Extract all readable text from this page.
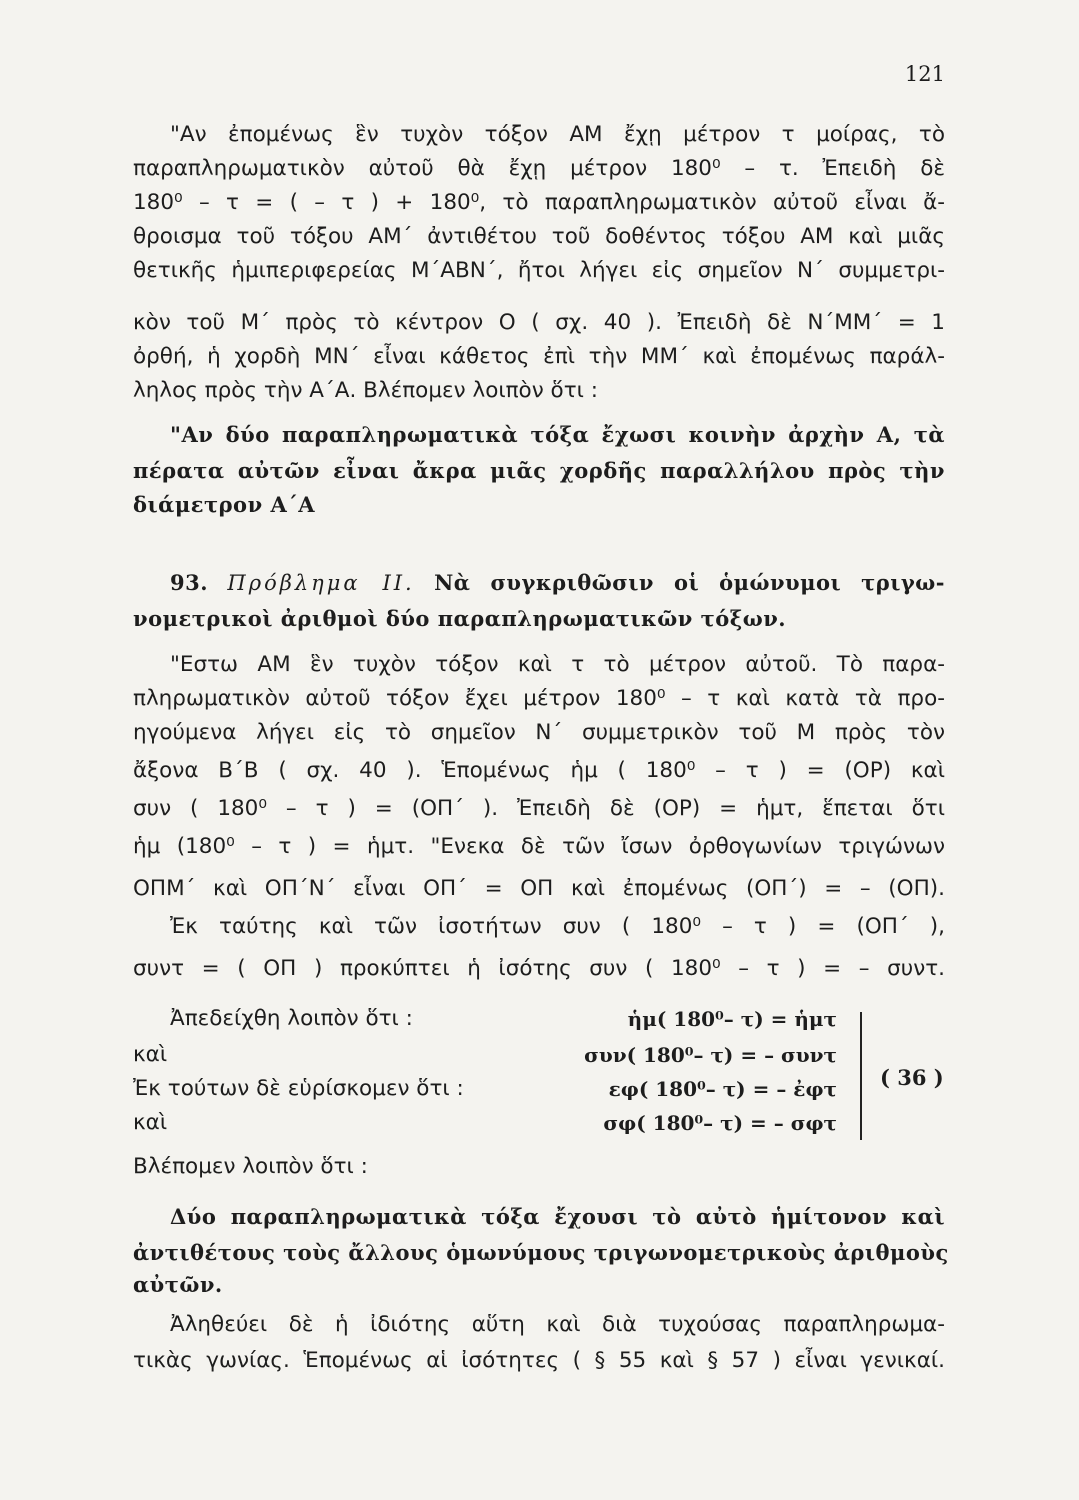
121
"Αν ἐπομένως ἓν τυχὸν τόξον ΑΜ ἔχῃ μέτρον τ μοίρας, τὸ
παραπληρωματικὸν αὐτοῦ θὰ ἔχῃ μέτρον 180⁰ – τ. Ἐπειδὴ δὲ
180⁰ – τ = ( – τ ) + 180⁰, τὸ παραπληρωματικὸν αὐτοῦ εἶναι ἄ-
θροισμα τοῦ τόξου ΑΜ΄ ἀντιθέτου τοῦ δοθέντος τόξου ΑΜ καὶ μιᾶς
θετικῆς ἡμιπεριφερείας Μ΄ΑΒΝ΄, ἤτοι λήγει εἰς σημεῖον Ν΄ συμμετρι-
κὸν τοῦ Μ΄ πρὸς τὸ κέντρον Ο ( σχ. 40 ). Ἐπειδὴ δὲ Ν΄ΜΜ΄ = 1
ὀρθή, ἡ χορδὴ ΜΝ΄ εἶναι κάθετος ἐπὶ τὴν ΜΜ΄ καὶ ἐπομένως παράλ-
ληλος πρὸς τὴν Α΄Α. Βλέπομεν λοιπὸν ὅτι :
"Αν δύο παραπληρωματικὰ τόξα ἔχωσι κοινὴν ἀρχὴν Α, τὰ
πέρατα αὐτῶν εἶναι ἄκρα μιᾶς χορδῆς παραλλήλου πρὸς τὴν
διάμετρον Α΄Α
93. Πρόβλημα ΙΙ. Νὰ συγκριθῶσιν οἱ ὁμώνυμοι τριγω-
νομετρικοὶ ἀριθμοὶ δύο παραπληρωματικῶν τόξων.
"Εστω ΑΜ ἓν τυχὸν τόξον καὶ τ τὸ μέτρον αὐτοῦ. Τὸ παρα-
πληρωματικὸν αὐτοῦ τόξον ἔχει μέτρον 180⁰ – τ καὶ κατὰ τὰ προ-
ηγούμενα λήγει εἰς τὸ σημεῖον Ν΄ συμμετρικὸν τοῦ Μ πρὸς τὸν
ἄξονα Β΄Β ( σχ. 40 ). Ἑπομένως ἡμ ( 180⁰ – τ ) = (ΟΡ) καὶ
συν ( 180⁰ – τ ) = (ΟΠ΄ ). Ἐπειδὴ δὲ (ΟΡ) = ἡμτ, ἕπεται ὅτι
ἡμ (180⁰ – τ ) = ἡμτ. "Ενεκα δὲ τῶν ἴσων ὀρθογωνίων τριγώνων
ΟΠΜ΄ καὶ ΟΠ΄Ν΄ εἶναι ΟΠ΄ = ΟΠ καὶ ἐπομένως (ΟΠ΄) = – (ΟΠ).
Ἐκ ταύτης καὶ τῶν ἰσοτήτων συν ( 180⁰ – τ ) = (ΟΠ΄ ),
συντ = ( ΟΠ ) προκύπτει ἡ ἰσότης συν ( 180⁰ – τ ) = – συντ.
Ἀπεδείχθη λοιπὸν ὅτι :	ἡμ( 180⁰– τ) = ἡμτ
καὶ	συν( 180⁰– τ) = – συντ
Ἐκ τούτων δὲ εὑρίσκομεν ὅτι :	εφ( 180⁰– τ) = – ἐφτ
καὶ	σφ( 180⁰– τ) = – σφτ
( 36 )
Βλέπομεν λοιπὸν ὅτι :
Δύο παραπληρωματικὰ τόξα ἔχουσι τὸ αὐτὸ ἡμίτονον καὶ
ἀντιθέτους τοὺς ἄλλους ὁμωνύμους τριγωνομετρικοὺς ἀριθμοὺς
αὐτῶν.
Ἀληθεύει δὲ ἡ ἰδιότης αὕτη καὶ διὰ τυχούσας παραπληρωμα-
τικὰς γωνίας. Ἑπομένως αἱ ἰσότητες ( § 55 καὶ § 57 ) εἶναι γενικαί.
